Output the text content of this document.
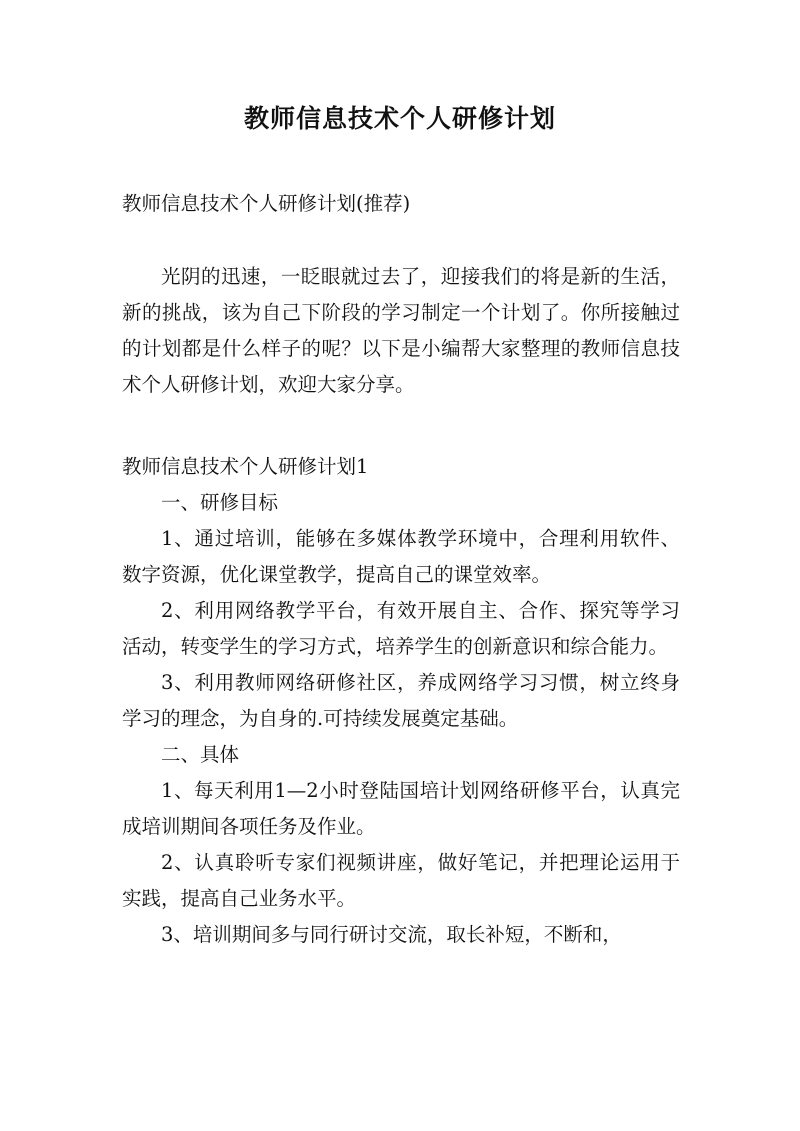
教师信息技术个人研修计划

教师信息技术个人研修计划(推荐)

光阴的迅速，一眨眼就过去了，迎接我们的将是新的生活，新的挑战，该为自己下阶段的学习制定一个计划了。你所接触过的计划都是什么样子的呢？以下是小编帮大家整理的教师信息技术个人研修计划，欢迎大家分享。

教师信息技术个人研修计划1

一、研修目标

1、通过培训，能够在多媒体教学环境中，合理利用软件、数字资源，优化课堂教学，提高自己的课堂效率。

2、利用网络教学平台，有效开展自主、合作、探究等学习活动，转变学生的学习方式，培养学生的创新意识和综合能力。

3、利用教师网络研修社区，养成网络学习习惯，树立终身学习的理念，为自身的.可持续发展奠定基础。

二、具体

1、每天利用1—2小时登陆国培计划网络研修平台，认真完成培训期间各项任务及作业。

2、认真聆听专家们视频讲座，做好笔记，并把理论运用于实践，提高自己业务水平。

3、培训期间多与同行研讨交流，取长补短，不断和，
